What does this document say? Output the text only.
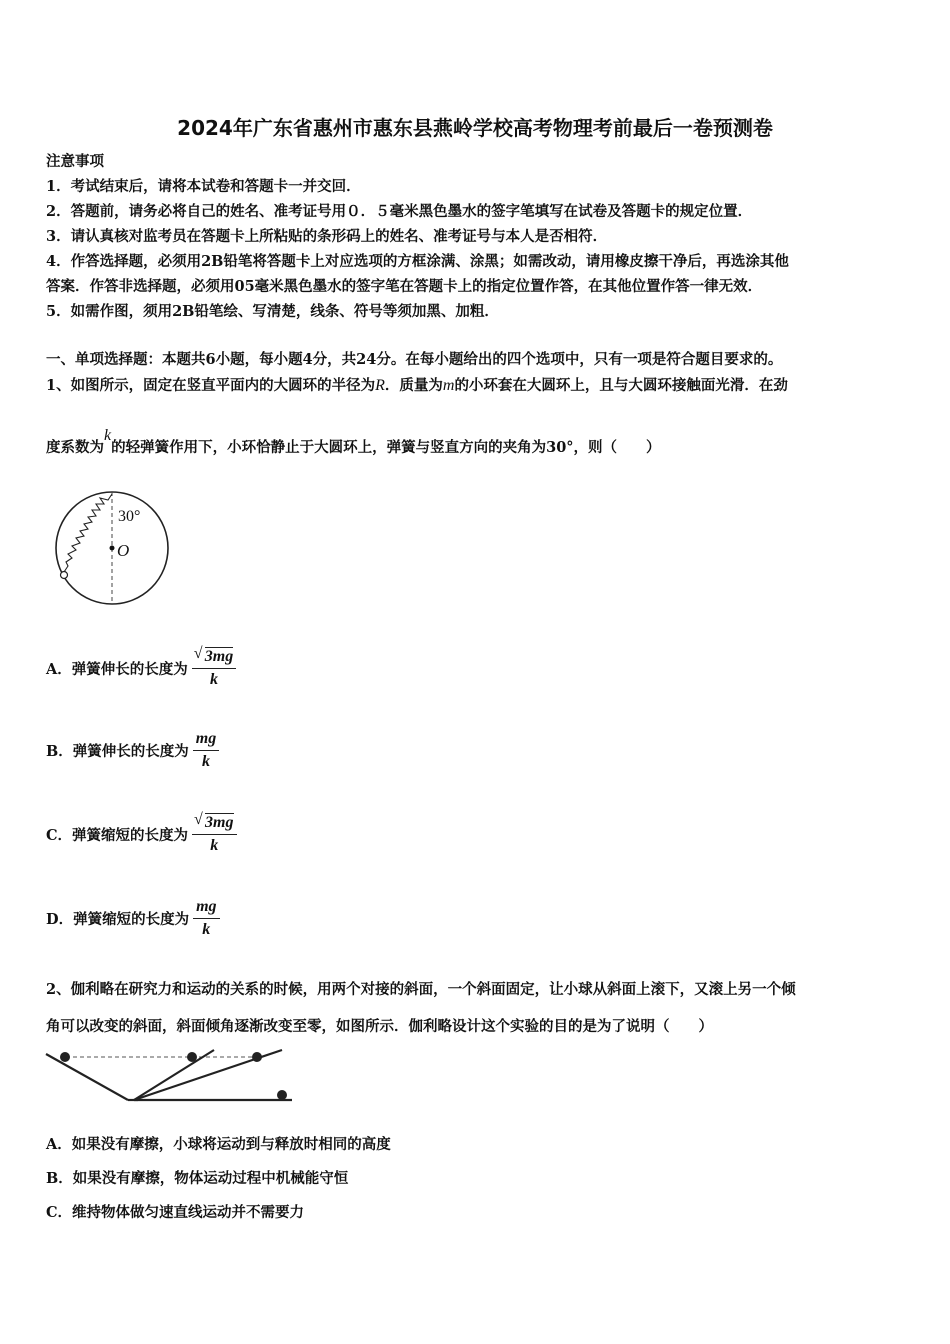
2024年广东省惠州市惠东县燕岭学校高考物理考前最后一卷预测卷
注意事项
1．考试结束后，请将本试卷和答题卡一并交回．
2．答题前，请务必将自己的姓名、准考证号用０．５毫米黑色墨水的签字笔填写在试卷及答题卡的规定位置．
3．请认真核对监考员在答题卡上所粘贴的条形码上的姓名、准考证号与本人是否相符．
4．作答选择题，必须用2B铅笔将答题卡上对应选项的方框涂满、涂黑；如需改动，请用橡皮擦干净后，再选涂其他
答案．作答非选择题，必须用05毫米黑色墨水的签字笔在答题卡上的指定位置作答，在其他位置作答一律无效．
5．如需作图，须用2B铅笔绘、写清楚，线条、符号等须加黑、加粗．
一、单项选择题：本题共6小题，每小题4分，共24分。在每小题给出的四个选项中，只有一项是符合题目要求的。
1、如图所示，固定在竖直平面内的大圆环的半径为R．质量为m的小环套在大圆环上，且与大圆环接触面光滑．在劲
度系数为k的轻弹簧作用下，小环恰静止于大圆环上，弹簧与竖直方向的夹角为30°，则（　　）
30°
O
A．弹簧伸长的长度为 $\frac{√ 3mg}{k}$
B．弹簧伸长的长度为 $\frac{mg}{k}$
C．弹簧缩短的长度为 $\frac{√ 3mg}{k}$
D．弹簧缩短的长度为 $\frac{mg}{k}$
2、伽利略在研究力和运动的关系的时候，用两个对接的斜面，一个斜面固定，让小球从斜面上滚下，又滚上另一个倾
角可以改变的斜面，斜面倾角逐渐改变至零，如图所示．伽利略设计这个实验的目的是为了说明（　　）
A．如果没有摩擦，小球将运动到与释放时相同的高度
B．如果没有摩擦，物体运动过程中机械能守恒
C．维持物体做匀速直线运动并不需要力
